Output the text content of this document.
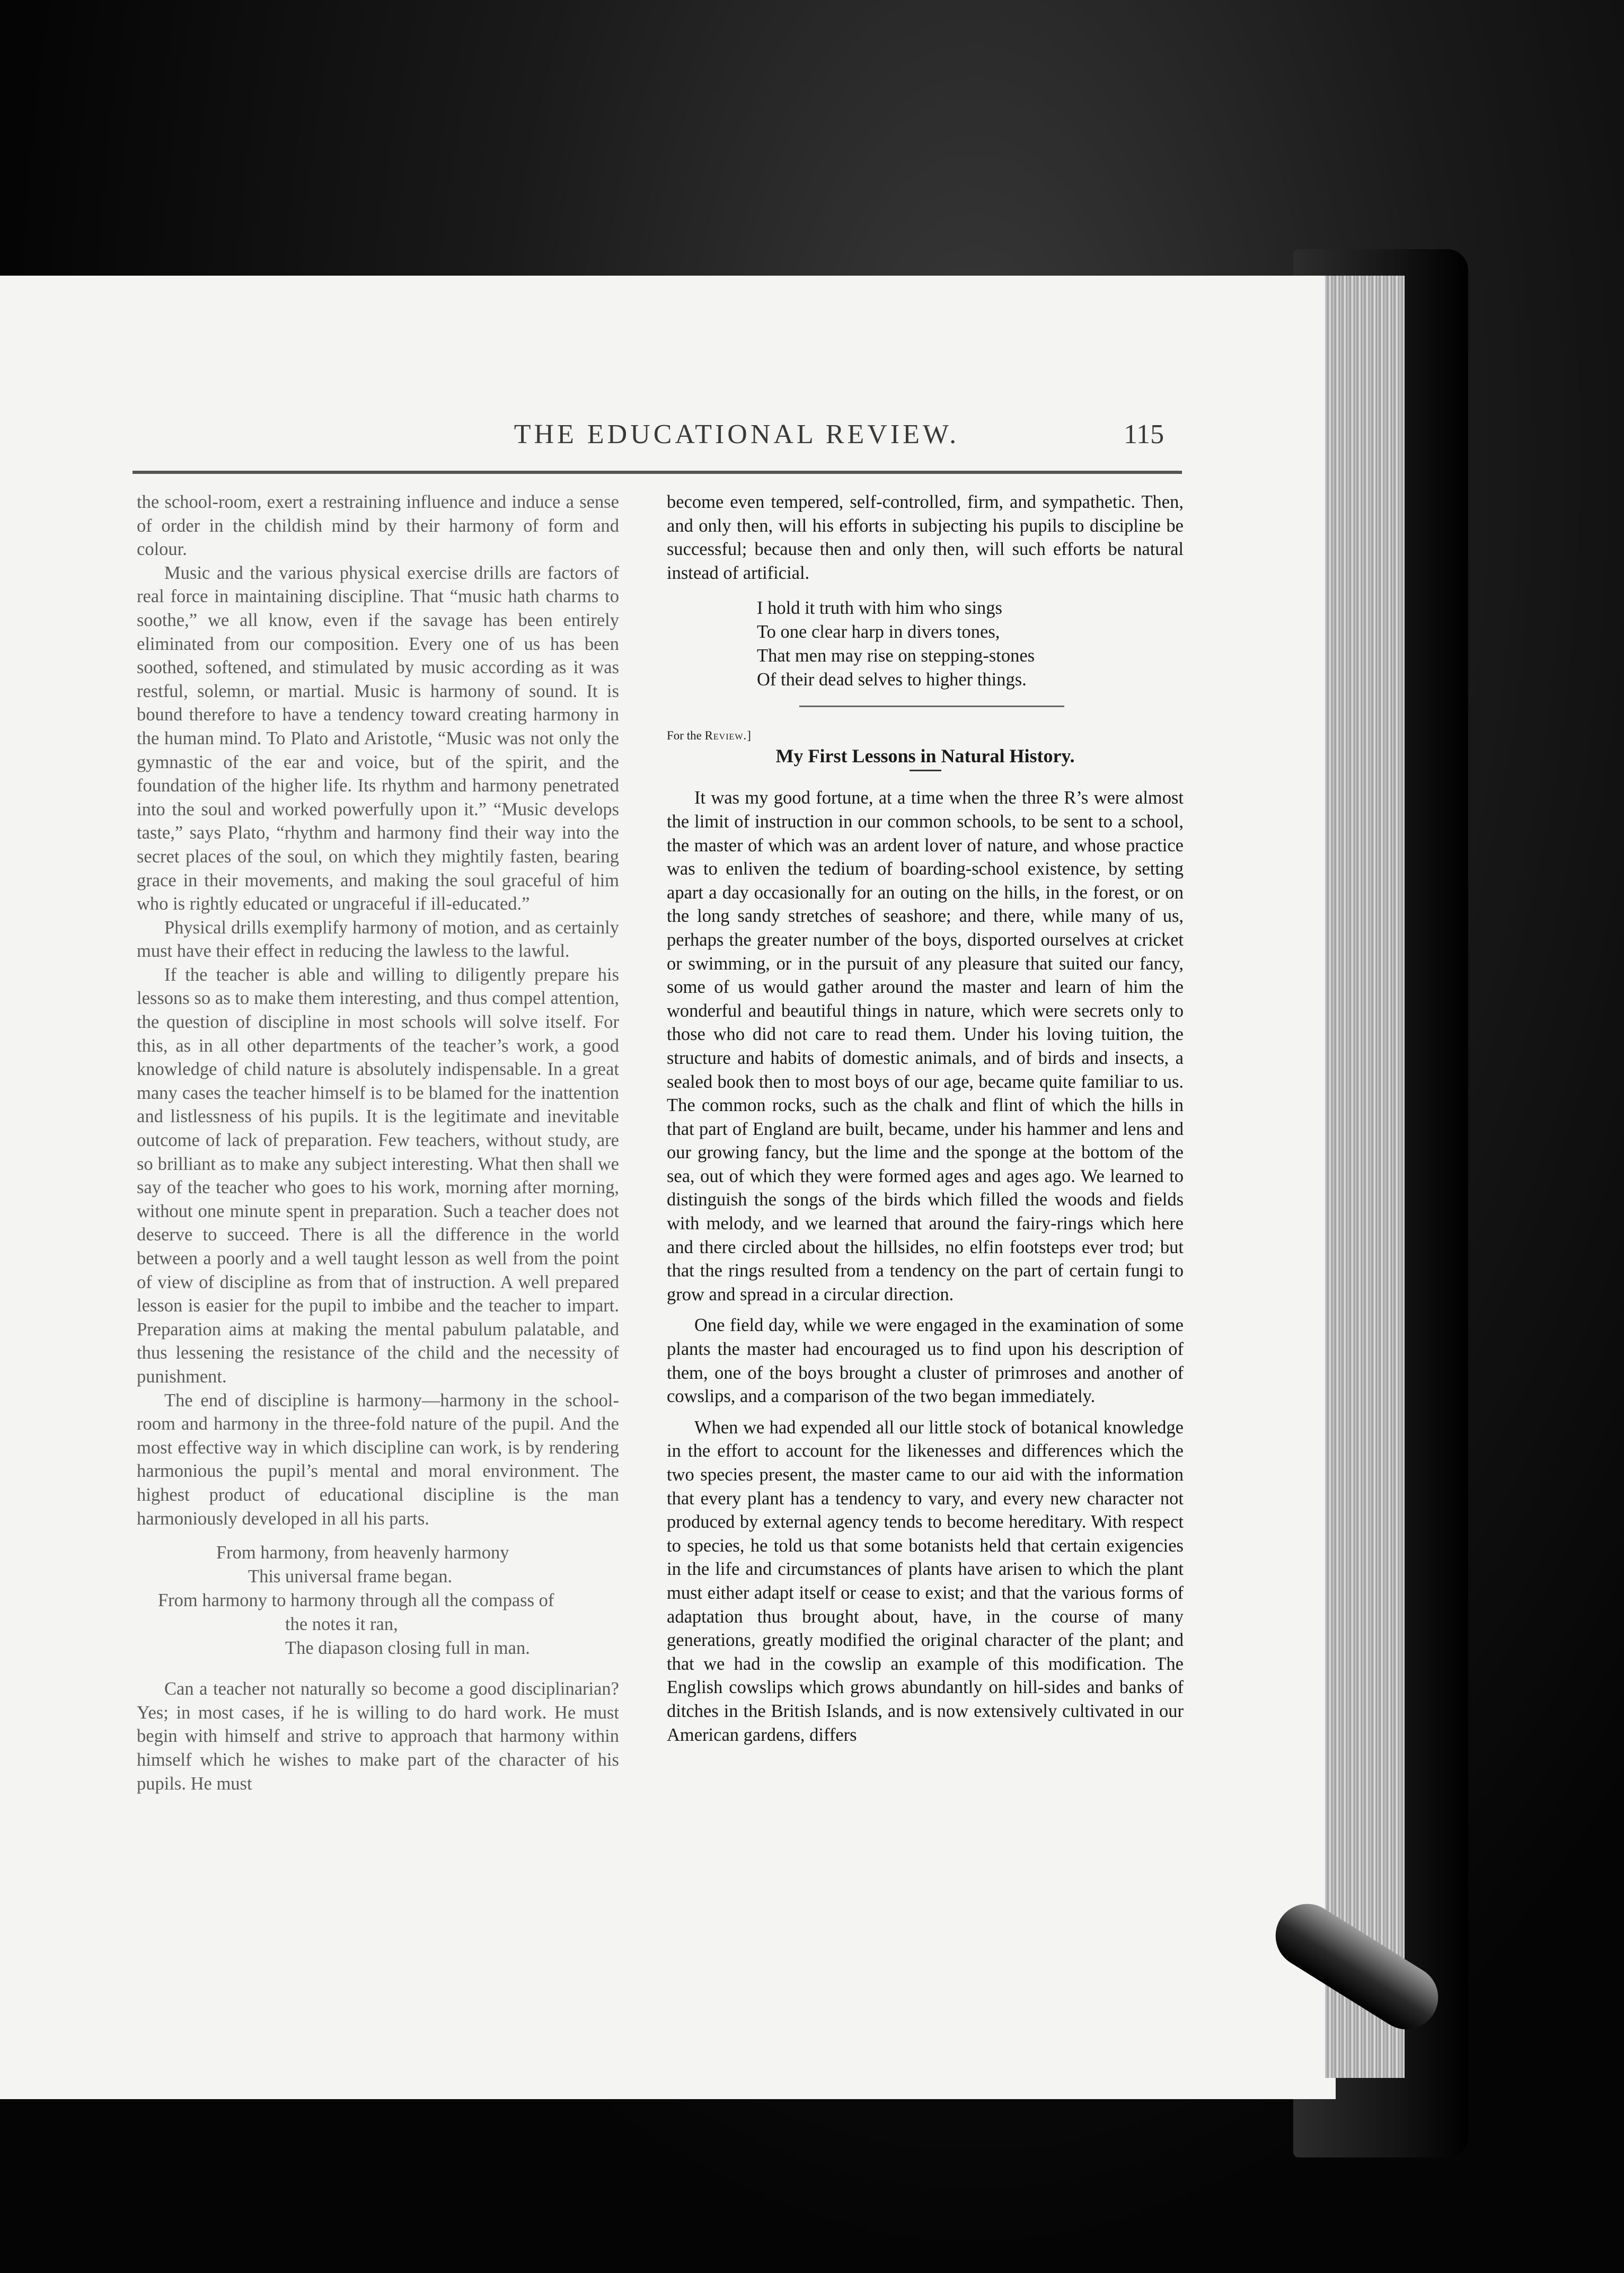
THE EDUCATIONAL REVIEW.	115

the school-room, exert a restraining influence and induce a sense of order in the childish mind by their harmony of form and colour.

Music and the various physical exercise drills are factors of real force in maintaining discipline. That “music hath charms to soothe,” we all know, even if the savage has been entirely eliminated from our composition. Every one of us has been soothed, softened, and stimulated by music according as it was restful, solemn, or martial. Music is harmony of sound. It is bound therefore to have a tendency toward creating harmony in the human mind. To Plato and Aristotle, “Music was not only the gymnastic of the ear and voice, but of the spirit, and the foundation of the higher life. Its rhythm and harmony penetrated into the soul and worked powerfully upon it.” “Music develops taste,” says Plato, “rhythm and harmony find their way into the secret places of the soul, on which they mightily fasten, bearing grace in their movements, and making the soul graceful of him who is rightly educated or ungraceful if ill-educated.”

Physical drills exemplify harmony of motion, and as certainly must have their effect in reducing the lawless to the lawful.

If the teacher is able and willing to diligently prepare his lessons so as to make them interesting, and thus compel attention, the question of discipline in most schools will solve itself. For this, as in all other departments of the teacher’s work, a good knowledge of child nature is absolutely indispensable. In a great many cases the teacher himself is to be blamed for the inattention and listlessness of his pupils. It is the legitimate and inevitable outcome of lack of preparation. Few teachers, without study, are so brilliant as to make any subject interesting. What then shall we say of the teacher who goes to his work, morning after morning, without one minute spent in preparation. Such a teacher does not deserve to succeed. There is all the difference in the world between a poorly and a well taught lesson as well from the point of view of discipline as from that of instruction. A well prepared lesson is easier for the pupil to imbibe and the teacher to impart. Preparation aims at making the mental pabulum palatable, and thus lessening the resistance of the child and the necessity of punishment.

The end of discipline is harmony—harmony in the school-room and harmony in the three-fold nature of the pupil. And the most effective way in which discipline can work, is by rendering harmonious the pupil’s mental and moral environment. The highest product of educational discipline is the man harmoniously developed in all his parts.

From harmony, from heavenly harmony
This universal frame began.
From harmony to harmony through all the compass of
the notes it ran,
The diapason closing full in man.

Can a teacher not naturally so become a good disciplinarian? Yes; in most cases, if he is willing to do hard work. He must begin with himself and strive to approach that harmony within himself which he wishes to make part of the character of his pupils. He must

become even tempered, self-controlled, firm, and sympathetic. Then, and only then, will his efforts in subjecting his pupils to discipline be successful; because then and only then, will such efforts be natural instead of artificial.

I hold it truth with him who sings
To one clear harp in divers tones,
That men may rise on stepping-stones
Of their dead selves to higher things.
For the Review.]
My First Lessons in Natural History.

It was my good fortune, at a time when the three R’s were almost the limit of instruction in our common schools, to be sent to a school, the master of which was an ardent lover of nature, and whose practice was to enliven the tedium of boarding-school existence, by setting apart a day occasionally for an outing on the hills, in the forest, or on the long sandy stretches of seashore; and there, while many of us, perhaps the greater number of the boys, disported ourselves at cricket or swimming, or in the pursuit of any pleasure that suited our fancy, some of us would gather around the master and learn of him the wonderful and beautiful things in nature, which were secrets only to those who did not care to read them. Under his loving tuition, the structure and habits of domestic animals, and of birds and insects, a sealed book then to most boys of our age, became quite familiar to us. The common rocks, such as the chalk and flint of which the hills in that part of England are built, became, under his hammer and lens and our growing fancy, but the lime and the sponge at the bottom of the sea, out of which they were formed ages and ages ago. We learned to distinguish the songs of the birds which filled the woods and fields with melody, and we learned that around the fairy-rings which here and there circled about the hillsides, no elfin footsteps ever trod; but that the rings resulted from a tendency on the part of certain fungi to grow and spread in a circular direction.

One field day, while we were engaged in the examination of some plants the master had encouraged us to find upon his description of them, one of the boys brought a cluster of primroses and another of cowslips, and a comparison of the two began immediately.

When we had expended all our little stock of botanical knowledge in the effort to account for the likenesses and differences which the two species present, the master came to our aid with the information that every plant has a tendency to vary, and every new character not produced by external agency tends to become hereditary. With respect to species, he told us that some botanists held that certain exigencies in the life and circumstances of plants have arisen to which the plant must either adapt itself or cease to exist; and that the various forms of adaptation thus brought about, have, in the course of many generations, greatly modified the original character of the plant; and that we had in the cowslip an example of this modification. The English cowslips which grows abundantly on hill-sides and banks of ditches in the British Islands, and is now extensively cultivated in our American gardens, differs
